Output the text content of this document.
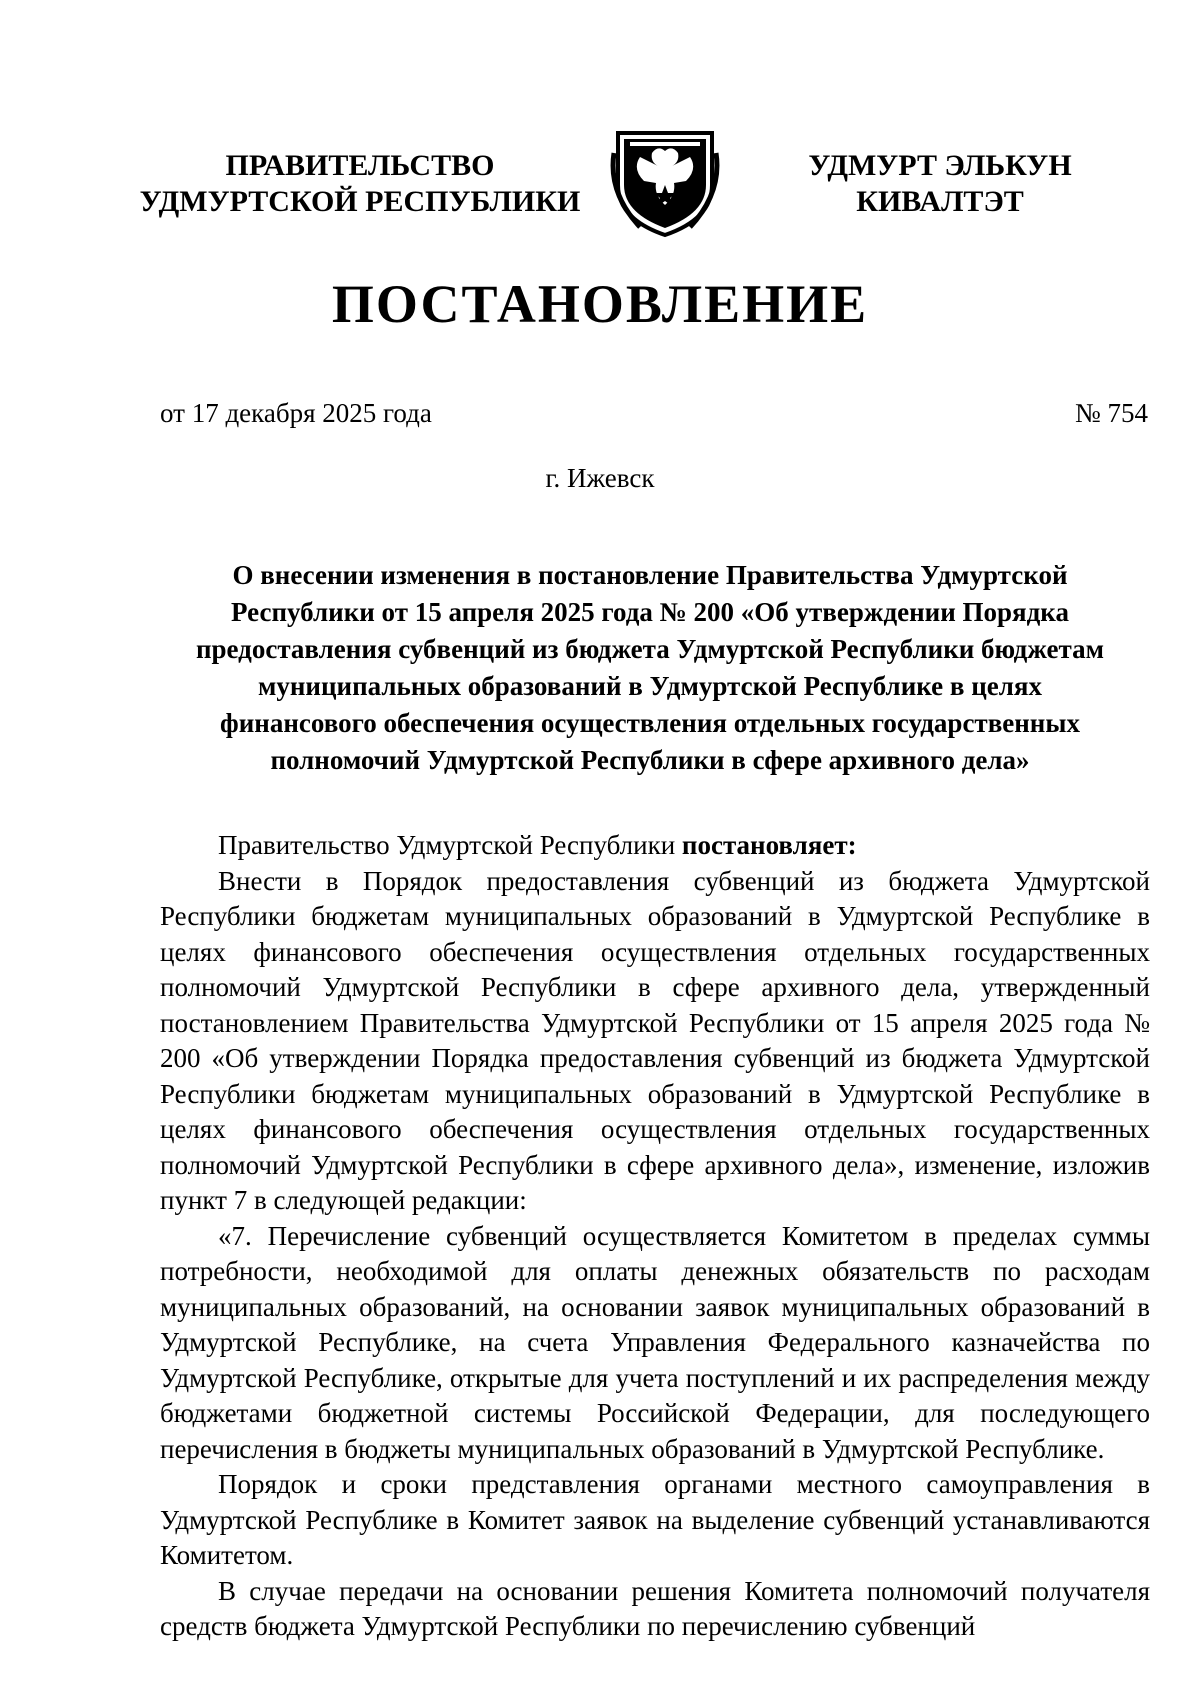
ПРАВИТЕЛЬСТВО
УДМУРТСКОЙ РЕСПУБЛИКИ
УДМУРТ ЭЛЬКУН
КИВАЛТЭТ
ПОСТАНОВЛЕНИЕ
от 17 декабря 2025 года	№ 754
г. Ижевск
О внесении изменения в постановление Правительства Удмуртской
Республики от 15 апреля 2025 года № 200 «Об утверждении Порядка
предоставления субвенций из бюджета Удмуртской Республики бюджетам
муниципальных образований в Удмуртской Республике в целях
финансового обеспечения осуществления отдельных государственных
полномочий Удмуртской Республики в сфере архивного дела»

Правительство Удмуртской Республики постановляет:

Внести в Порядок предоставления субвенций из бюджета Удмуртской Республики бюджетам муниципальных образований в Удмуртской Республике в целях финансового обеспечения осуществления отдельных государственных полномочий Удмуртской Республики в сфере архивного дела, утвержденный постановлением Правительства Удмуртской Республики от 15 апреля 2025 года № 200 «Об утверждении Порядка предоставления субвенций из бюджета Удмуртской Республики бюджетам муниципальных образований в Удмуртской Республике в целях финансового обеспечения осуществления отдельных государственных полномочий Удмуртской Республики в сфере архивного дела», изменение, изложив пункт 7 в следующей редакции:

«7. Перечисление субвенций осуществляется Комитетом в пределах суммы потребности, необходимой для оплаты денежных обязательств по расходам муниципальных образований, на основании заявок муниципальных образований в Удмуртской Республике, на счета Управления Федерального казначейства по Удмуртской Республике, открытые для учета поступлений и их распределения между бюджетами бюджетной системы Российской Федерации, для последующего перечисления в бюджеты муниципальных образований в Удмуртской Республике.

Порядок и сроки представления органами местного самоуправления в Удмуртской Республике в Комитет заявок на выделение субвенций устанавливаются Комитетом.

В случае передачи на основании решения Комитета полномочий получателя средств бюджета Удмуртской Республики по перечислению субвенций
